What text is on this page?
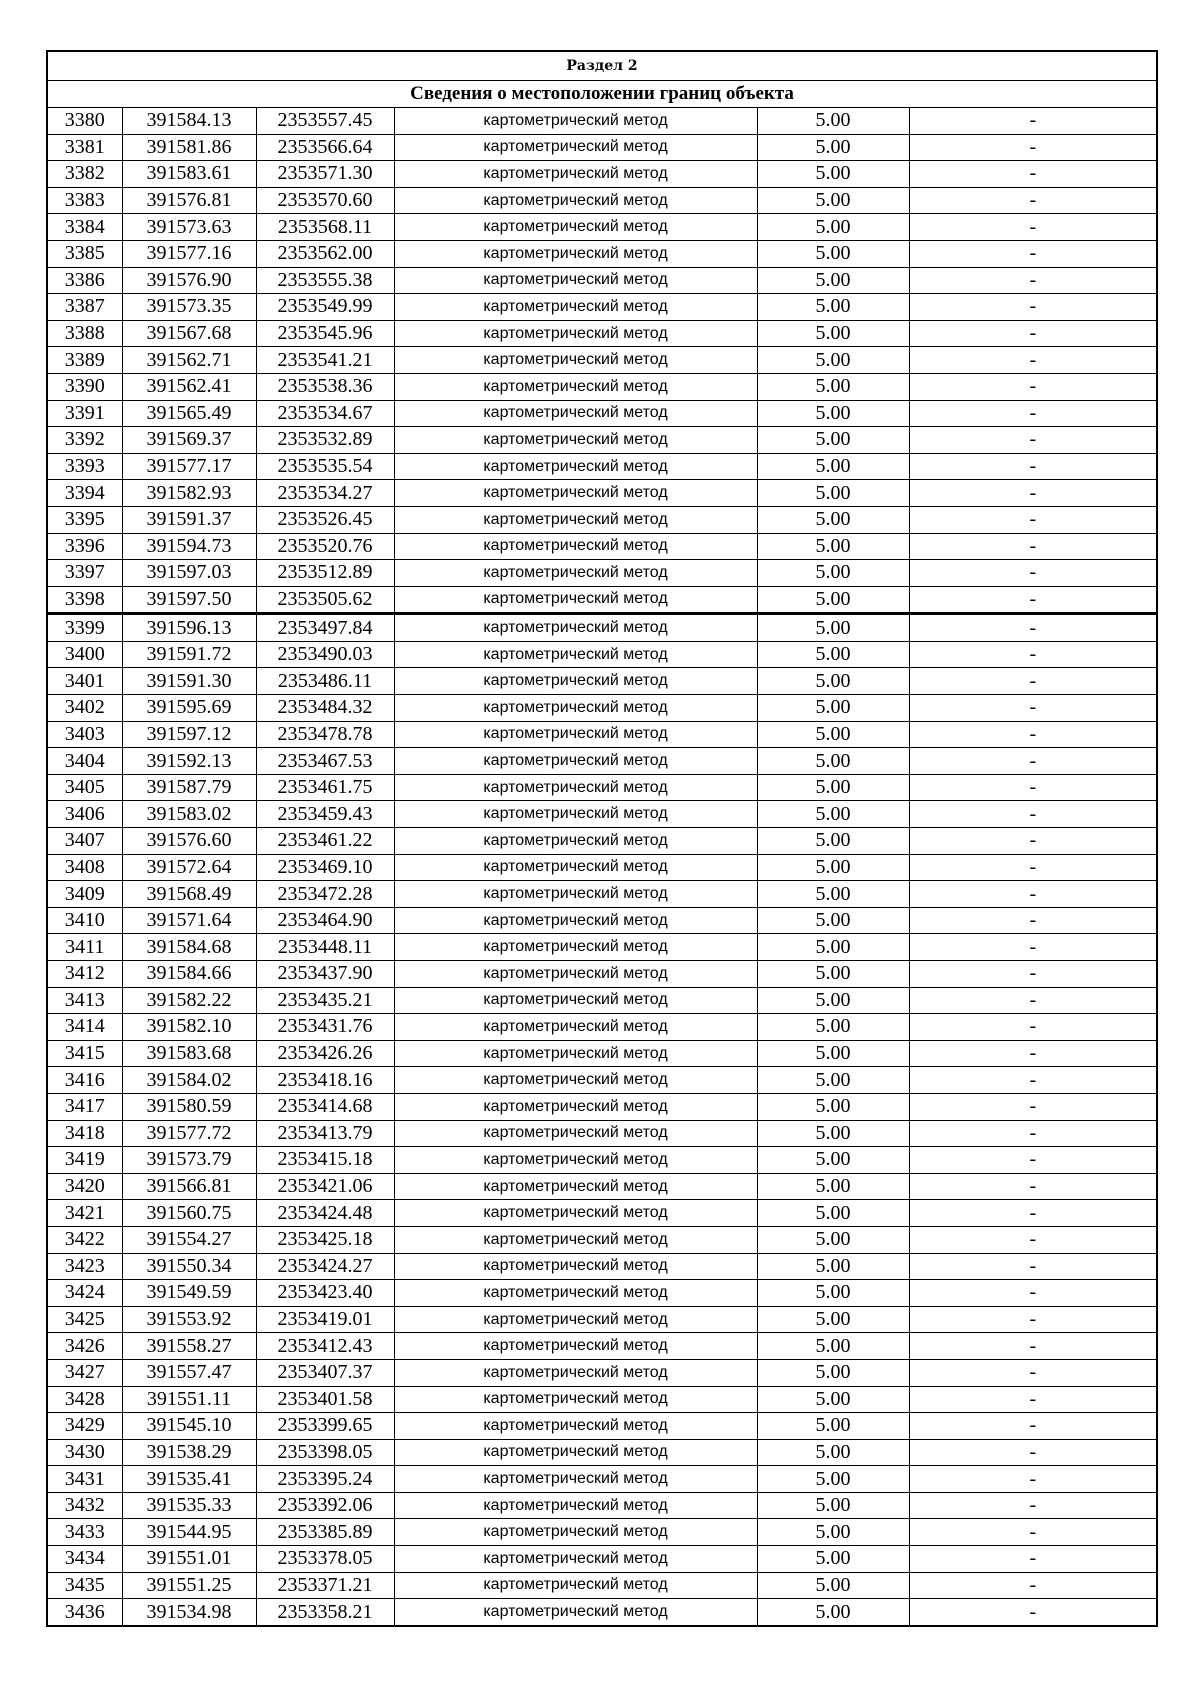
Раздел 2					
Сведения о местоположении границ объекта					
3380	391584.13	2353557.45	картометрический метод	5.00	-
3381	391581.86	2353566.64	картометрический метод	5.00	-
3382	391583.61	2353571.30	картометрический метод	5.00	-
3383	391576.81	2353570.60	картометрический метод	5.00	-
3384	391573.63	2353568.11	картометрический метод	5.00	-
3385	391577.16	2353562.00	картометрический метод	5.00	-
3386	391576.90	2353555.38	картометрический метод	5.00	-
3387	391573.35	2353549.99	картометрический метод	5.00	-
3388	391567.68	2353545.96	картометрический метод	5.00	-
3389	391562.71	2353541.21	картометрический метод	5.00	-
3390	391562.41	2353538.36	картометрический метод	5.00	-
3391	391565.49	2353534.67	картометрический метод	5.00	-
3392	391569.37	2353532.89	картометрический метод	5.00	-
3393	391577.17	2353535.54	картометрический метод	5.00	-
3394	391582.93	2353534.27	картометрический метод	5.00	-
3395	391591.37	2353526.45	картометрический метод	5.00	-
3396	391594.73	2353520.76	картометрический метод	5.00	-
3397	391597.03	2353512.89	картометрический метод	5.00	-
3398	391597.50	2353505.62	картометрический метод	5.00	-
3399	391596.13	2353497.84	картометрический метод	5.00	-
3400	391591.72	2353490.03	картометрический метод	5.00	-
3401	391591.30	2353486.11	картометрический метод	5.00	-
3402	391595.69	2353484.32	картометрический метод	5.00	-
3403	391597.12	2353478.78	картометрический метод	5.00	-
3404	391592.13	2353467.53	картометрический метод	5.00	-
3405	391587.79	2353461.75	картометрический метод	5.00	-
3406	391583.02	2353459.43	картометрический метод	5.00	-
3407	391576.60	2353461.22	картометрический метод	5.00	-
3408	391572.64	2353469.10	картометрический метод	5.00	-
3409	391568.49	2353472.28	картометрический метод	5.00	-
3410	391571.64	2353464.90	картометрический метод	5.00	-
3411	391584.68	2353448.11	картометрический метод	5.00	-
3412	391584.66	2353437.90	картометрический метод	5.00	-
3413	391582.22	2353435.21	картометрический метод	5.00	-
3414	391582.10	2353431.76	картометрический метод	5.00	-
3415	391583.68	2353426.26	картометрический метод	5.00	-
3416	391584.02	2353418.16	картометрический метод	5.00	-
3417	391580.59	2353414.68	картометрический метод	5.00	-
3418	391577.72	2353413.79	картометрический метод	5.00	-
3419	391573.79	2353415.18	картометрический метод	5.00	-
3420	391566.81	2353421.06	картометрический метод	5.00	-
3421	391560.75	2353424.48	картометрический метод	5.00	-
3422	391554.27	2353425.18	картометрический метод	5.00	-
3423	391550.34	2353424.27	картометрический метод	5.00	-
3424	391549.59	2353423.40	картометрический метод	5.00	-
3425	391553.92	2353419.01	картометрический метод	5.00	-
3426	391558.27	2353412.43	картометрический метод	5.00	-
3427	391557.47	2353407.37	картометрический метод	5.00	-
3428	391551.11	2353401.58	картометрический метод	5.00	-
3429	391545.10	2353399.65	картометрический метод	5.00	-
3430	391538.29	2353398.05	картометрический метод	5.00	-
3431	391535.41	2353395.24	картометрический метод	5.00	-
3432	391535.33	2353392.06	картометрический метод	5.00	-
3433	391544.95	2353385.89	картометрический метод	5.00	-
3434	391551.01	2353378.05	картометрический метод	5.00	-
3435	391551.25	2353371.21	картометрический метод	5.00	-
3436	391534.98	2353358.21	картометрический метод	5.00	-
